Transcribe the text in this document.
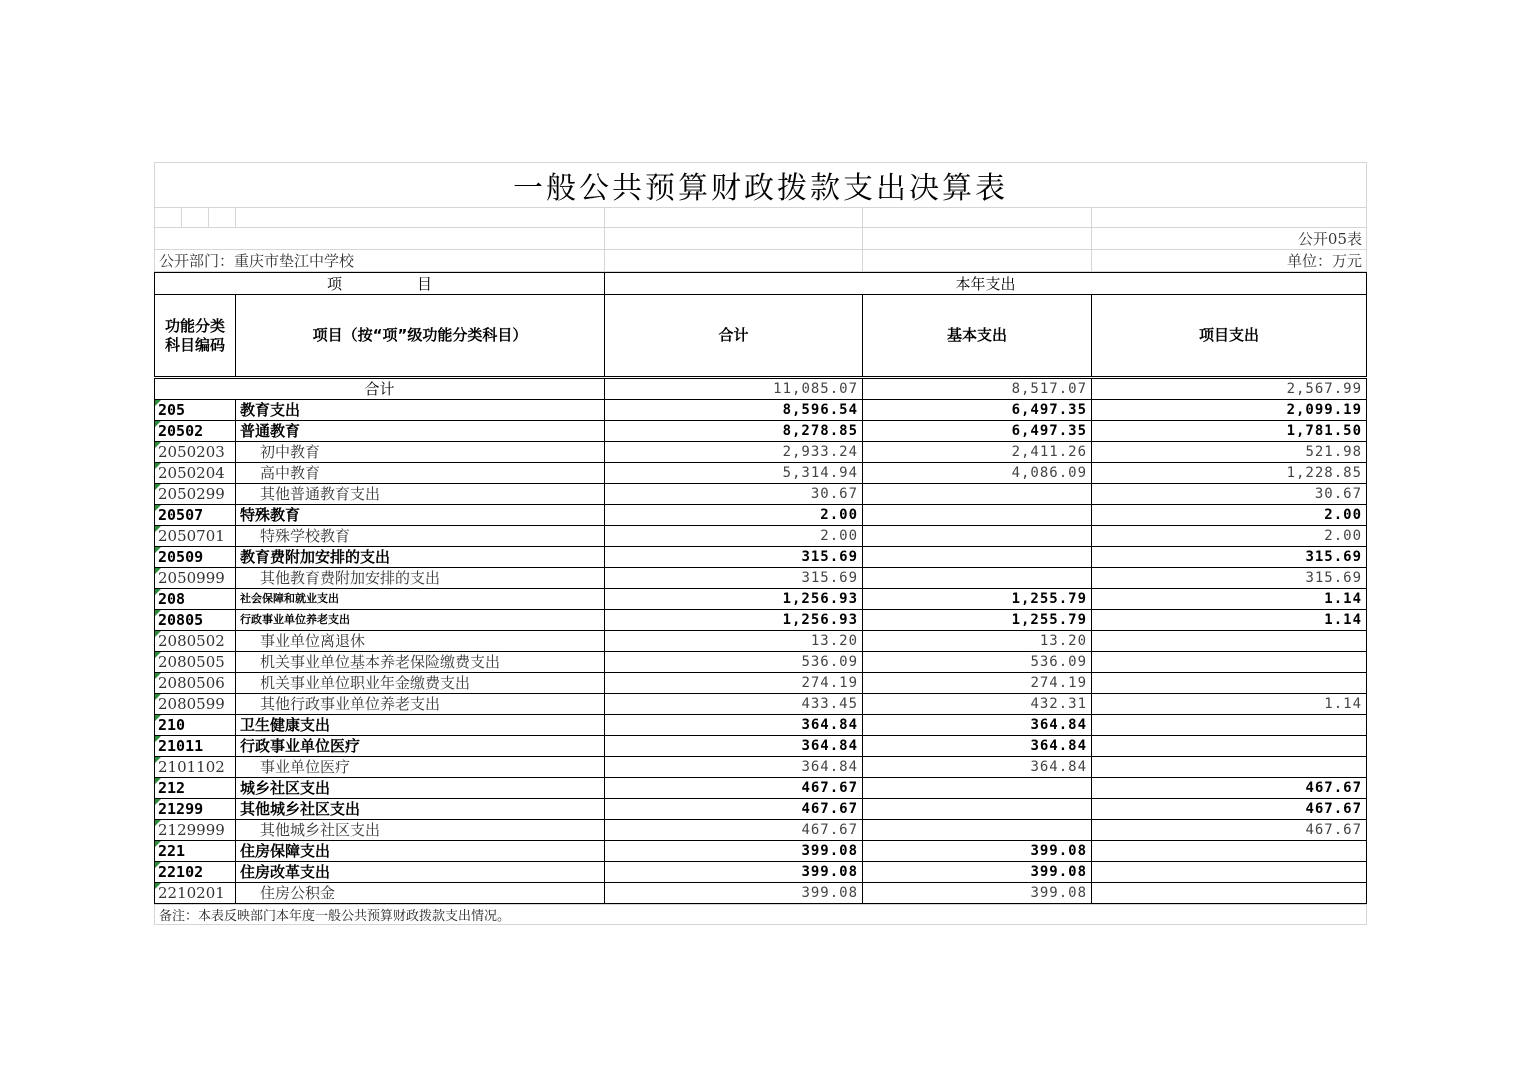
一般公共预算财政拨款支出决算表						

						公开05表
公开部门：重庆市垫江中学校						单位：万元
项　　　　　目		本年支出		
功能分类科目编码	项目（按“项”级功能分类科目）	合计	基本支出	项目支出
合计		11,085.07	8,517.07	2,567.99
205	教育支出	8,596.54	6,497.35	2,099.19
20502	普通教育	8,278.85	6,497.35	1,781.50
2050203	初中教育	2,933.24	2,411.26	521.98
2050204	高中教育	5,314.94	4,086.09	1,228.85
2050299	其他普通教育支出	30.67		30.67
20507	特殊教育	2.00		2.00
2050701	特殊学校教育	2.00		2.00
20509	教育费附加安排的支出	315.69		315.69
2050999	其他教育费附加安排的支出	315.69		315.69
208	社会保障和就业支出	1,256.93	1,255.79	1.14
20805	行政事业单位养老支出	1,256.93	1,255.79	1.14
2080502	事业单位离退休	13.20	13.20	
2080505	机关事业单位基本养老保险缴费支出	536.09	536.09	
2080506	机关事业单位职业年金缴费支出	274.19	274.19	
2080599	其他行政事业单位养老支出	433.45	432.31	1.14
210	卫生健康支出	364.84	364.84	
21011	行政事业单位医疗	364.84	364.84	
2101102	事业单位医疗	364.84	364.84	
212	城乡社区支出	467.67		467.67
21299	其他城乡社区支出	467.67		467.67
2129999	其他城乡社区支出	467.67		467.67
221	住房保障支出	399.08	399.08	
22102	住房改革支出	399.08	399.08	
2210201	住房公积金	399.08	399.08	
备注：本表反映部门本年度一般公共预算财政拨款支出情况。
